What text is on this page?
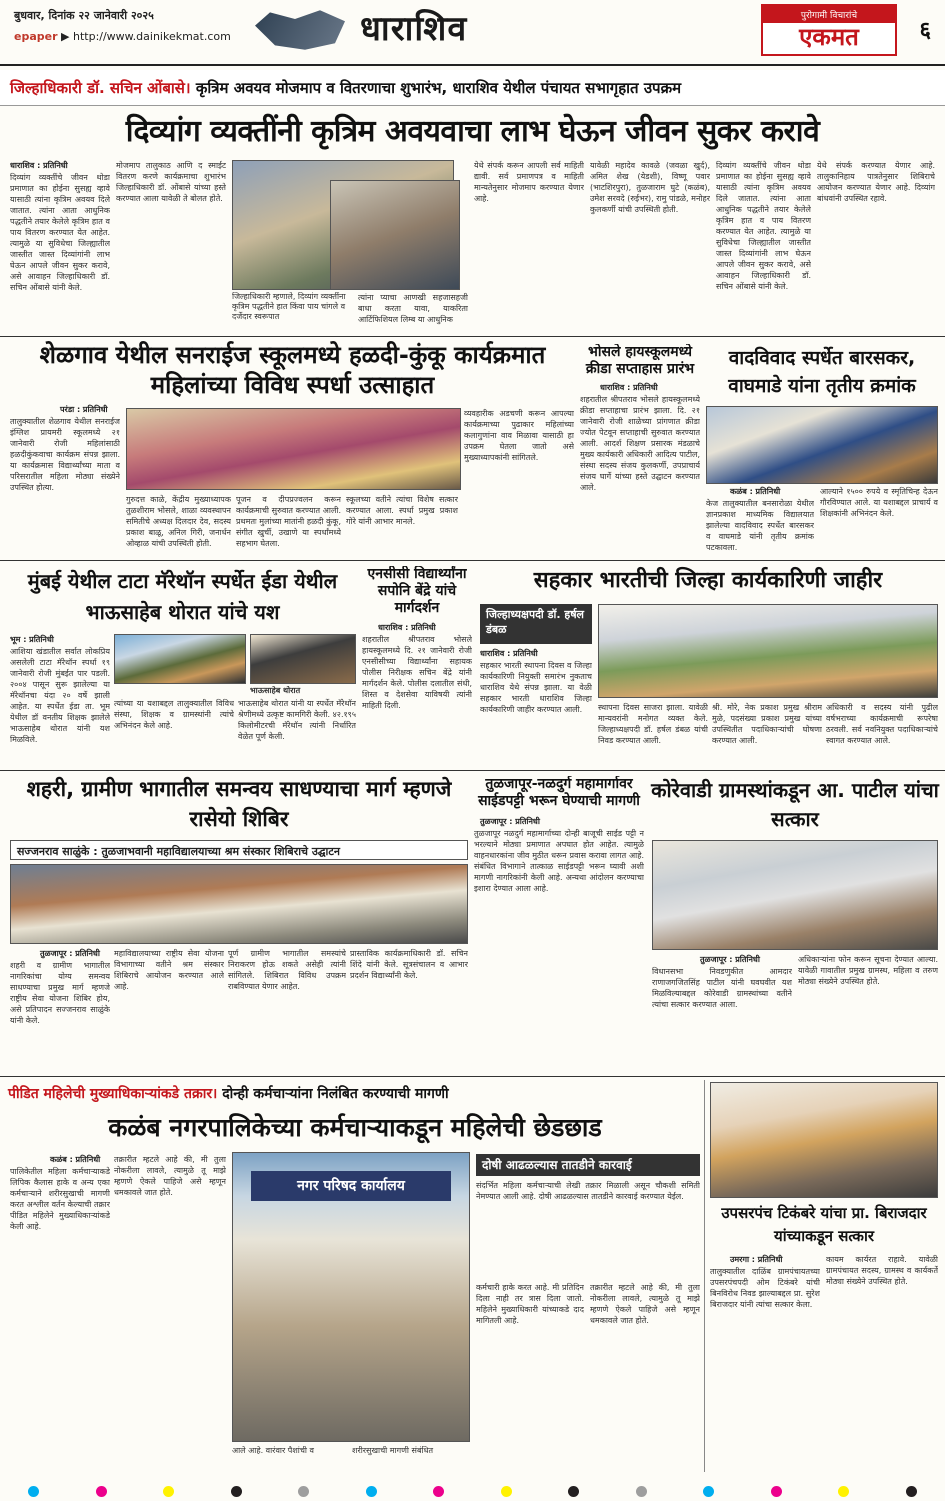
बुधवार, दिनांक २२ जानेवारी २०२५
epaper ▶ http://www.dainikekmat.com	धाराशिव	पुरोगामी विचारांचे
एकमत	६
जिल्हाधिकारी डॉ. सचिन ओंबासे। कृत्रिम अवयव मोजमाप व वितरणाचा शुभारंभ, धाराशिव येथील पंचायत सभागृहात उपक्रम
दिव्यांग व्यक्तींनी कृत्रिम अवयवाचा लाभ घेऊन जीवन सुकर करावे
धाराशिव : प्रतिनिधी
दिव्यांग व्यक्तींचे जीवन थोडा प्रमाणात का होईना सुसह्य व्हावे यासाठी त्यांना कृत्रिम अवयव दिले जातात. त्यांना आता आधुनिक पद्धतीने तयार केलेले कृत्रिम हात व पाय वितरण करण्यात येत आहेत. त्यामुळे या सुविधेचा जिल्ह्यातील जास्तीत जास्त दिव्यांगांनी लाभ घेऊन आपले जीवन सुकर करावे, असे आवाहन जिल्हाधिकारी डॉ. सचिन ओंबासे यांनी केले.
मोजमाप तालुकाठ आणि द स्माईट वितरण करणे कार्यक्रमाचा शुभारंभ जिल्हाधिकारी डॉ. ओंबासे यांच्या हस्ते करण्यात आला यावेळी ते बोलत होते.
जिल्हाधिकारी म्हणाले, दिव्यांग व्यक्तींना कृत्रिम पद्धतीने हात किंवा पाय चांगले व दर्जेदार स्वरूपात
त्यांना प्याचा आणखी सहजासहजी बाधा करता यावा, याकरिता आर्टिफिशियल लिम्ब या आधुनिक
येथे संपर्क करून आपली सर्व माहिती द्यावी. सर्व प्रमाणपत्र व माहिती मान्यतेनुसार मोजमाप करण्यात येणार आहे.
यावेळी महादेव कावळे (जवळा खुर्द), अमित शेख (येडशी), विष्णू पवार (भाटशिरपुरा), तुळजाराम घुटे (कळंब), उमेश सरवदे (रुईभर), रामु पांडळे, मनोहर कुलकर्णी यांची उपस्थिती होती.
दिव्यांग व्यक्तींचे जीवन थोडा प्रमाणात का होईना सुसह्य व्हावे यासाठी त्यांना कृत्रिम अवयव दिले जातात. त्यांना आता आधुनिक पद्धतीने तयार केलेले कृत्रिम हात व पाय वितरण करण्यात येत आहेत. त्यामुळे या सुविधेचा जिल्ह्यातील जास्तीत जास्त दिव्यांगांनी लाभ घेऊन आपले जीवन सुकर करावे, असे आवाहन जिल्हाधिकारी डॉ. सचिन ओंबासे यांनी केले.
येथे संपर्क करण्यात येणार आहे. तालुकानिहाय पात्रतेनुसार शिबिराचे आयोजन करण्यात येणार आहे. दिव्यांग बांधवांनी उपस्थित रहावे.
शेळगाव येथील सनराईज स्कूलमध्ये हळदी-कुंकू कार्यक्रमात महिलांच्या विविध स्पर्धा उत्साहात
परंडा : प्रतिनिधी
तालुक्यातील शेळगाव येथील सनराईज इंग्लिश प्रायमरी स्कूलमध्ये २१ जानेवारी रोजी महिलांसाठी हळदीकुंकवाचा कार्यक्रम संपन्न झाला. या कार्यक्रमास विद्यार्थ्यांच्या माता व परिसरातील महिला मोठ्या संख्येने उपस्थित होत्या.
गुरुदत्त काळे, केंद्रीय मुख्याध्यापक तुळशीराम भोसले, शाळा व्यवस्थापन समितीचे अध्यक्ष दिलदार देव, सदस्य प्रकाश बाळू, अनिल गिरी, जनार्धन ओव्हाळ यांची उपस्थिती होती.
पूजन व दीपप्रज्वलन करून कार्यक्रमाची सुरुवात करण्यात आली. प्रथमतः मुलांच्या मातांनी हळदी कुंकू, संगीत खुर्ची, उखाणे या स्पर्धांमध्ये सहभाग घेतला.
स्कूलच्या वतीने त्यांचा विशेष सत्कार करण्यात आला. स्पर्धा प्रमुख प्रकाश गोरे यांनी आभार मानले.
व्यवहारीक अडचणी करून आपल्या कार्यक्रमाच्या पुढाकार महिलांच्या कलागुणांना वाव मिळावा यासाठी हा उपक्रम घेतला जातो असे मुख्याध्यापकांनी सांगितले.
भोसले हायस्कूलमध्ये क्रीडा सप्ताहास प्रारंभ
धाराशिव : प्रतिनिधी
शहरातील श्रीपतराव भोसले हायस्कूलमध्ये क्रीडा सप्ताहाचा प्रारंभ झाला. दि. २१ जानेवारी रोजी शाळेच्या प्रांगणात क्रीडा ज्योत पेटवून सप्ताहाची सुरुवात करण्यात आली. आदर्श शिक्षण प्रसारक मंडळाचे मुख्य कार्यकारी अधिकारी आदित्य पाटील, संस्था सदस्य संजय कुलकर्णी, उपप्राचार्य संजय घार्गे यांच्या हस्ते उद्घाटन करण्यात आले.
वादविवाद स्पर्धेत बारसकर, वाघमाडे यांना तृतीय क्रमांक
कळंब : प्रतिनिधी
केज तालुक्यातील बनसारोळा येथील ज्ञानप्रकाश माध्यमिक विद्यालयात झालेल्या वादविवाद स्पर्धेत बारसकर व वाघमाडे यांनी तृतीय क्रमांक पटकावला.
आल्याने १५०० रुपये व स्मृतिचिन्ह देऊन गौरविण्यात आले. या यशाबद्दल प्राचार्य व शिक्षकांनी अभिनंदन केले.
मुंबई येथील टाटा मॅरेथॉन स्पर्धेत ईडा येथील भाऊसाहेब थोरात यांचे यश
भूम : प्रतिनिधी
आशिया खंडातील सर्वात लोकप्रिय असलेली टाटा मॅरेथॉन स्पर्धा १९ जानेवारी रोजी मुंबईत पार पडली. २००४ पासून सुरू झालेल्या या मॅरेथॉनचा यंदा २० वर्षे झाली आहेत. या स्पर्धेत ईडा ता. भूम येथील डॉ वनतीय शिक्षक झालेले भाऊसाहेब थोरात यांनी यश मिळविले.
भाऊसाहेब थोरात
त्यांच्या या यशाबद्दल तालुक्यातील विविध संस्था, शिक्षक व ग्रामस्थांनी त्यांचे अभिनंदन केले आहे.
भाऊसाहेब थोरात यांनी या स्पर्धेत मॅरेथॉन श्रेणीमध्ये उत्कृष्ट कामगिरी केली. ४२.१९५ किलोमीटरची मॅरेथॉन त्यांनी निर्धारित वेळेत पूर्ण केली.
एनसीसी विद्यार्थ्यांना सपोनि बेंद्रे यांचे मार्गदर्शन
धाराशिव : प्रतिनिधी
शहरातील श्रीपतराव भोसले हायस्कूलमध्ये दि. २१ जानेवारी रोजी एनसीसीच्या विद्यार्थ्यांना सहायक पोलीस निरीक्षक सचिन बेंद्रे यांनी मार्गदर्शन केले. पोलीस दलातील संधी, शिस्त व देशसेवा याविषयी त्यांनी माहिती दिली.
सहकार भारतीची जिल्हा कार्यकारिणी जाहीर
जिल्हाध्यक्षपदी डॉ. हर्षल डंबळ
धाराशिव : प्रतिनिधी
सहकार भारती स्थापना दिवस व जिल्हा कार्यकारिणी नियुक्ती समारंभ नुकताच धाराशिव येथे संपन्न झाला. या वेळी सहकार भारती धाराशिव जिल्हा कार्यकारिणी जाहीर करण्यात आली.	स्थापना दिवस साजरा झाला. यावेळी मान्यवरांनी मनोगत व्यक्त केले. जिल्हाध्यक्षपदी डॉ. हर्षल डंबळ यांची निवड करण्यात आली.
श्री. मोरे, नेक प्रकाश प्रमुख श्रीराम मुळे, पदसंख्या प्रकाश प्रमुख यांच्या उपस्थितीत पदाधिकाऱ्यांची घोषणा करण्यात आली.
अधिकारी व सदस्य यांनी पुढील वर्षभराच्या कार्यक्रमाची रूपरेषा ठरवली. सर्व नवनियुक्त पदाधिकाऱ्यांचे स्वागत करण्यात आले.
शहरी, ग्रामीण भागातील समन्वय साधण्याचा मार्ग म्हणजे रासेयो शिबिर
सज्जनराव साळुंके : तुळजाभवानी महाविद्यालयाच्या श्रम संस्कार शिबिराचे उद्घाटन
तुळजापूर : प्रतिनिधी
शहरी व ग्रामीण भागातील नागरिकांचा योग्य समन्वय साधण्याचा प्रमुख मार्ग म्हणजे राष्ट्रीय सेवा योजना शिबिर होय, असे प्रतिपादन सज्जनराव साळुंके यांनी केले.
महाविद्यालयाच्या राष्ट्रीय सेवा योजना विभागाच्या वतीने श्रम संस्कार शिबिराचे आयोजन करण्यात आले आहे.
पूर्ण ग्रामीण भागातील समस्यांचे निराकरण होऊ शकते असेही त्यांनी सांगितले. शिबिरात विविध उपक्रम राबविण्यात येणार आहेत.
प्रास्ताविक कार्यक्रमाधिकारी डॉ. सचिन शिंदे यांनी केले. सूत्रसंचालन व आभार प्रदर्शन विद्यार्थ्यांनी केले.
तुळजापूर-नळदुर्ग महामार्गावर साईडपट्टी भरून घेण्याची मागणी
तुळजापूर : प्रतिनिधी
तुळजापूर नळदुर्ग महामार्गाच्या दोन्ही बाजूची साईड पट्टी न भरल्याने मोठ्या प्रमाणात अपघात होत आहेत. त्यामुळे वाहनधारकांना जीव मुठीत धरून प्रवास करावा लागत आहे. संबंधित विभागाने तात्काळ साईडपट्टी भरून घ्यावी अशी मागणी नागरिकांनी केली आहे. अन्यथा आंदोलन करण्याचा इशारा देण्यात आला आहे.
कोरेवाडी ग्रामस्थांकडून आ. पाटील यांचा सत्कार
तुळजापूर : प्रतिनिधी
विधानसभा निवडणुकीत आमदार राणाजगजितसिंह पाटील यांनी घवघवीत यश मिळविल्याबद्दल कोरेवाडी ग्रामस्थांच्या वतीने त्यांचा सत्कार करण्यात आला.
अधिकाऱ्यांना फोन करून सूचना देण्यात आल्या. यावेळी गावातील प्रमुख ग्रामस्थ, महिला व तरुण मोठ्या संख्येने उपस्थित होते.
पीडित महिलेची मुख्याधिकाऱ्यांकडे तक्रार। दोन्ही कर्मचाऱ्यांना निलंबित करण्याची मागणी
कळंब नगरपालिकेच्या कर्मचाऱ्याकडून महिलेची छेडछाड
कळंब : प्रतिनिधी
पालिकेतील महिला कर्मचाऱ्याकडे लिपिक कैलास हाके व अन्य एका कर्मचाऱ्याने शरीरसुखाची मागणी करत अश्लील वर्तन केल्याची तक्रार पीडित महिलेने मुख्याधिकाऱ्यांकडे केली आहे.
तक्रारीत म्हटले आहे की, मी तुला नोकरीला लावले, त्यामुळे तू माझे म्हणणे ऐकले पाहिजे असे म्हणून धमकावले जात होते.	नगर परिषद कार्यालय
आले आहे. वारंवार पैशांची व	शरीरसुखाची मागणी संबंधित
दोषी आढळल्यास तातडीने कारवाई
संदर्भित महिला कर्मचाऱ्याची लेखी तक्रार मिळाली असून चौकशी समिती नेमण्यात आली आहे. दोषी आढळल्यास तातडीने कारवाई करण्यात येईल.
कर्मचारी हाके करत आहे. मी प्रतिदिन दिला नाही तर त्रास दिला जातो. महिलेने मुख्याधिकारी यांच्याकडे दाद मागितली आहे.
तक्रारीत म्हटले आहे की, मी तुला नोकरीला लावले, त्यामुळे तू माझे म्हणणे ऐकले पाहिजे असे म्हणून धमकावले जात होते.
उपसरपंच टिकंबरे यांचा प्रा. बिराजदार यांच्याकडून सत्कार
उमरगा : प्रतिनिधी
तालुक्यातील दाळिंब ग्रामपंचायतच्या उपसरपंचपदी ओम टिकंबरे यांची बिनविरोध निवड झाल्याबद्दल प्रा. सुरेश बिराजदार यांनी त्यांचा सत्कार केला.
कायम कार्यरत राहावे. यावेळी ग्रामपंचायत सदस्य, ग्रामस्थ व कार्यकर्ते मोठ्या संख्येने उपस्थित होते.
